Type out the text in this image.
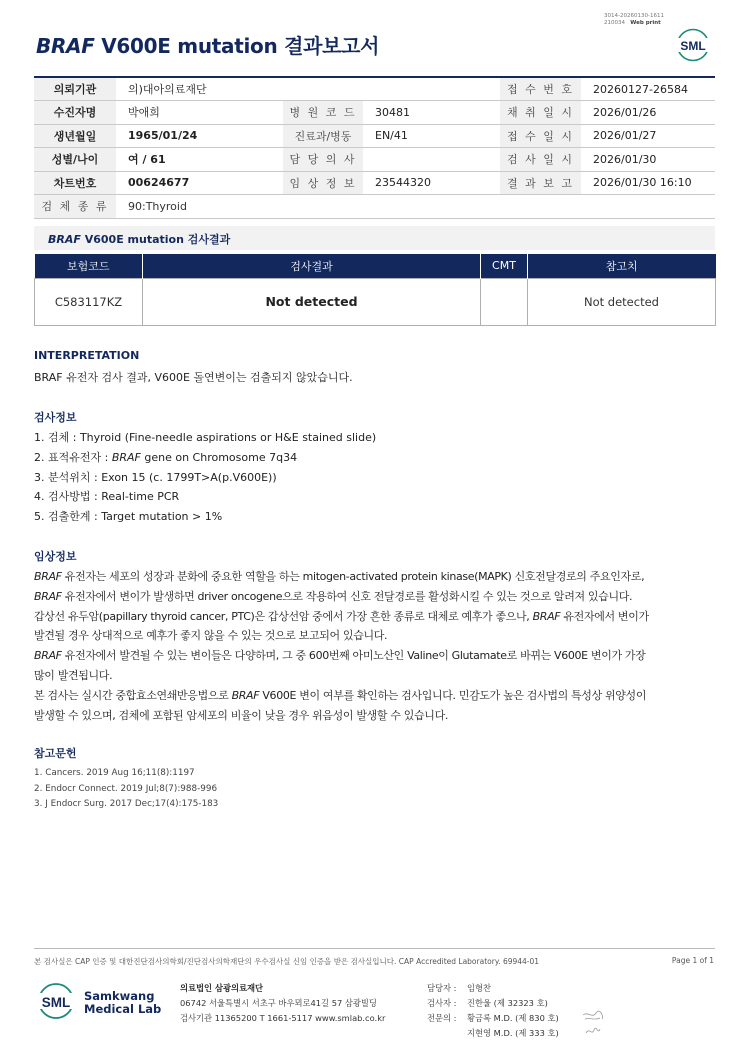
3014-20260130-1611
210034 Web print
BRAF V600E mutation 결과보고서	SML
의뢰기관	의)대아의료재단			접 수 번 호	20260127-26584
수진자명	박애희	병 원 코 드	30481	채 취 일 시	2026/01/26
생년월일	1965/01/24	진료과/병동	EN/41	접 수 일 시	2026/01/27
성별/나이	여 / 61	담 당 의 사		검 사 일 시	2026/01/30
차트번호	00624677	임 상 정 보	23544320	결 과 보 고	2026/01/30 16:10
검 체 종 류	90:Thyroid				
BRAF V600E mutation 검사결과
보험코드	검사결과	CMT	참고치
C583117KZ	Not detected		Not detected
INTERPRETATION
BRAF 유전자 검사 결과, V600E 돌연변이는 검출되지 않았습니다.
검사정보
1. 검체 : Thyroid (Fine-needle aspirations or H&E stained slide)
2. 표적유전자 : BRAF gene on Chromosome 7q34
3. 분석위치 : Exon 15 (c. 1799T>A(p.V600E))
4. 검사방법 : Real-time PCR
5. 검출한계 : Target mutation > 1%
임상정보
BRAF 유전자는 세포의 성장과 분화에 중요한 역할을 하는 mitogen-activated protein kinase(MAPK) 신호전달경로의 주요인자로,
BRAF 유전자에서 변이가 발생하면 driver oncogene으로 작용하여 신호 전달경로를 활성화시킬 수 있는 것으로 알려져 있습니다.
갑상선 유두암(papillary thyroid cancer, PTC)은 갑상선암 중에서 가장 흔한 종류로 대체로 예후가 좋으나, BRAF 유전자에서 변이가
발견될 경우 상대적으로 예후가 좋지 않을 수 있는 것으로 보고되어 있습니다.
BRAF 유전자에서 발견될 수 있는 변이들은 다양하며, 그 중 600번째 아미노산인 Valine이 Glutamate로 바뀌는 V600E 변이가 가장
많이 발견됩니다.
본 검사는 실시간 중합효소연쇄반응법으로 BRAF V600E 변이 여부를 확인하는 검사입니다. 민감도가 높은 검사법의 특성상 위양성이
발생할 수 있으며, 검체에 포함된 암세포의 비율이 낮을 경우 위음성이 발생할 수 있습니다.
참고문헌
1. Cancers. 2019 Aug 16;11(8):1197
2. Endocr Connect. 2019 Jul;8(7):988-996
3. J Endocr Surg. 2017 Dec;17(4):175-183
본 검사실은 CAP 인증 및 대한진단검사의학회/진단검사의학재단의 우수검사실 신임 인증을 받은 검사실입니다. CAP Accredited Laboratory. 69944-01	Page 1 of 1
SML Samkwang
Medical Lab
의료법인 삼광의료재단
06742 서울특별시 서초구 바우뫼로41길 57 삼광빌딩
검사기관 11365200 T 1661-5117 www.smlab.co.kr
담당자 : 임형찬
검사자 : 진한울 (제 32323 호)
전문의 : 황금록 M.D. (제 830 호)
지현영 M.D. (제 333 호)
